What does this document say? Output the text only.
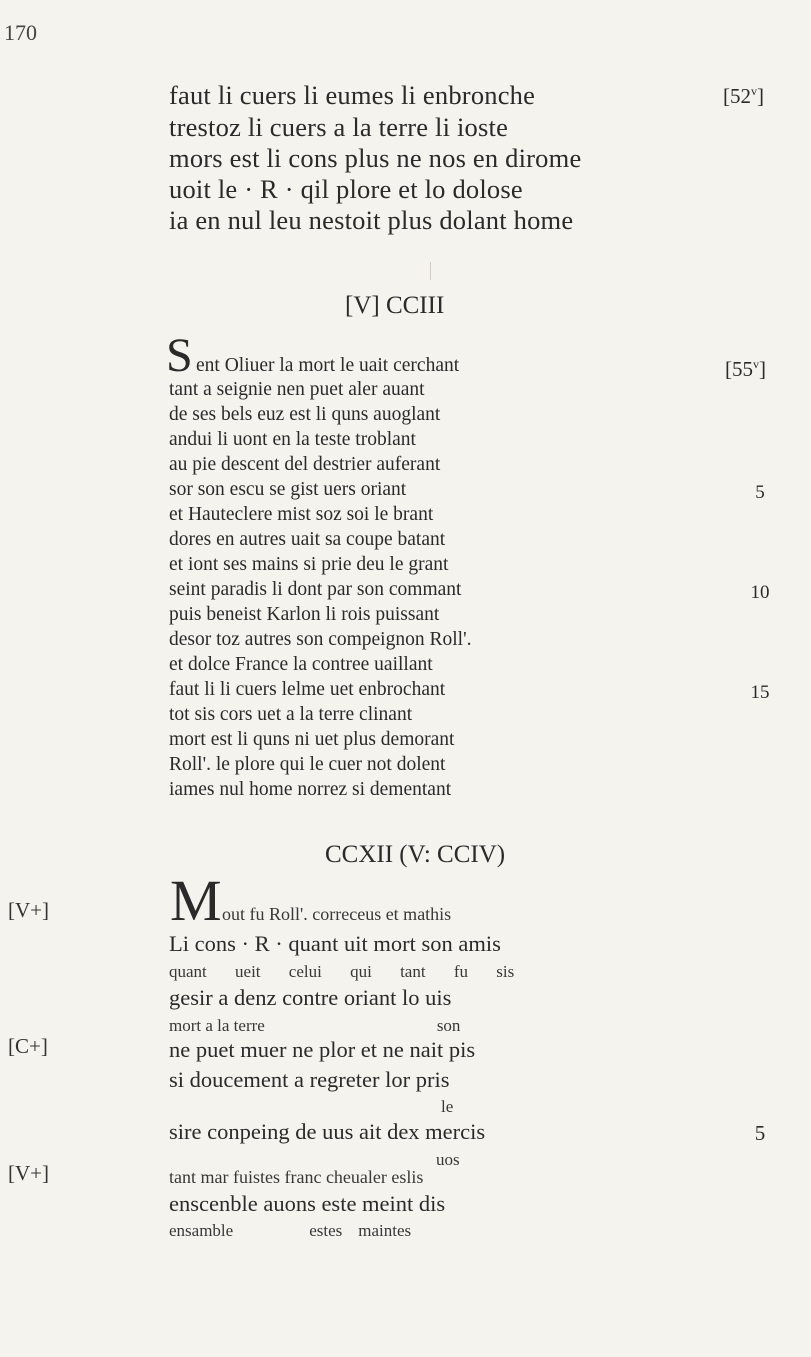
170
faut li cuers li eumes li enbronche
trestoz li cuers a la terre li ioste
mors est li cons plus ne nos en dirome
uoit le · R · qil plore et lo dolose
ia en nul leu nestoit plus dolant home
[52$^v$]
[V] CCIII
[55$^v$]
S ent Oliuer la mort le uait cerchant
tant a seignie nen puet aler auant
de ses bels euz est li quns auoglant
andui li uont en la teste troblant
au pie descent del destrier auferant
sor son escu se gist uers oriant
et Hauteclere mist soz soi le brant
dores en autres uait sa coupe batant
et iont ses mains si prie deu le grant
seint paradis li dont par son commant
puis beneist Karlon li rois puissant
desor toz autres son compeignon Roll'.
et dolce France la contree uaillant
faut li li cuers lelme uet enbrochant
tot sis cors uet a la terre clinant
mort est li quns ni uet plus demorant
Roll'. le plore qui le cuer not dolent
iames nul home norrez si dementant
5
10
15
CCXII (V: CCIV)
[V+]
[C+]
[V+]
M out fu Roll'. correceus et mathis
Li cons · R · quant uit mort son amis
quant ueit celui qui tant fu sis
gesir a denz contre oriant lo uis
mort a la terre	son
ne puet muer ne plor et ne nait pis
si doucement a regreter lor pris
le
sire conpeing de uus ait dex mercis
uos
tant mar fuistes franc cheualer eslis
enscenble auons este meint dis
ensamble	estes maintes
5
